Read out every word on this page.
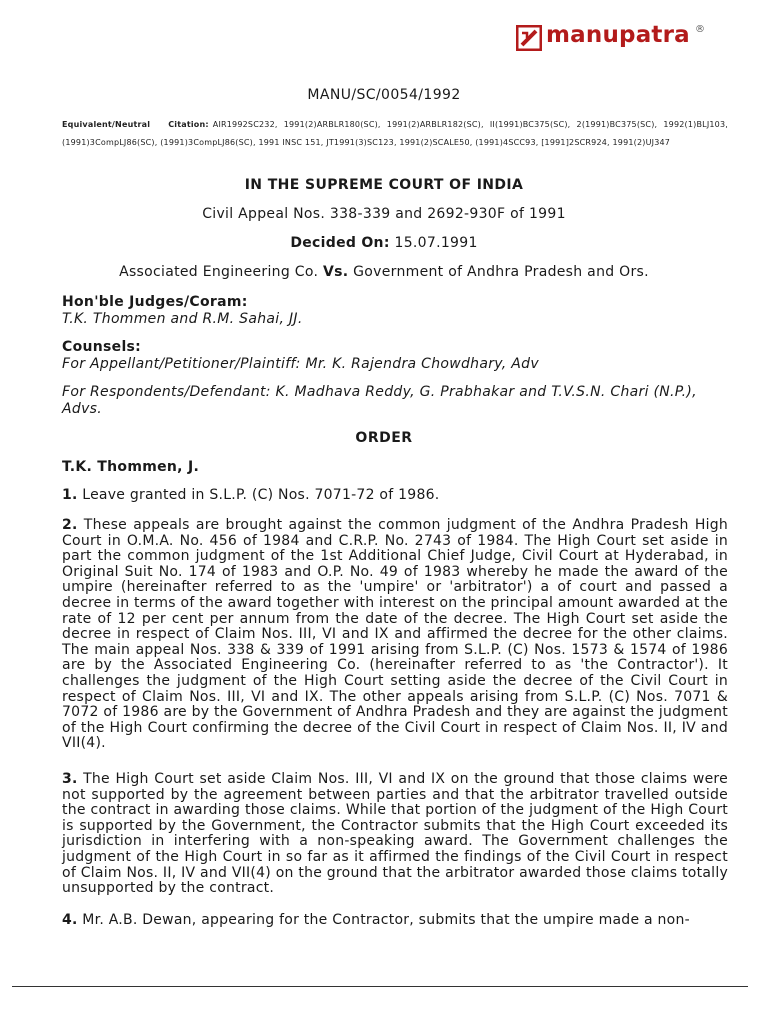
manupatra ®
MANU/SC/0054/1992
Equivalent/Neutral Citation: AIR1992SC232, 1991(2)ARBLR180(SC), 1991(2)ARBLR182(SC), II(1991)BC375(SC), 2(1991)BC375(SC), 1992(1)BLJ103, (1991)3CompLJ86(SC), (1991)3CompLJ86(SC), 1991 INSC 151, JT1991(3)SC123, 1991(2)SCALE50, (1991)4SCC93, [1991]2SCR924, 1991(2)UJ347
IN THE SUPREME COURT OF INDIA
Civil Appeal Nos. 338-339 and 2692-930F of 1991
Decided On: 15.07.1991
Associated Engineering Co. Vs. Government of Andhra Pradesh and Ors.
Hon'ble Judges/Coram:
T.K. Thommen and R.M. Sahai, JJ.
Counsels:
For Appellant/Petitioner/Plaintiff: Mr. K. Rajendra Chowdhary, Adv
For Respondents/Defendant: K. Madhava Reddy, G. Prabhakar and T.V.S.N. Chari (N.P.), Advs.
ORDER
T.K. Thommen, J.
1. Leave granted in S.L.P. (C) Nos. 7071-72 of 1986.
2. These appeals are brought against the common judgment of the Andhra Pradesh High Court in O.M.A. No. 456 of 1984 and C.R.P. No. 2743 of 1984. The High Court set aside in part the common judgment of the 1st Additional Chief Judge, Civil Court at Hyderabad, in Original Suit No. 174 of 1983 and O.P. No. 49 of 1983 whereby he made the award of the umpire (hereinafter referred to as the 'umpire' or 'arbitrator') a of court and passed a decree in terms of the award together with interest on the principal amount awarded at the rate of 12 per cent per annum from the date of the decree. The High Court set aside the decree in respect of Claim Nos. III, VI and IX and affirmed the decree for the other claims. The main appeal Nos. 338 & 339 of 1991 arising from S.L.P. (C) Nos. 1573 & 1574 of 1986 are by the Associated Engineering Co. (hereinafter referred to as 'the Contractor'). It challenges the judgment of the High Court setting aside the decree of the Civil Court in respect of Claim Nos. III, VI and IX. The other appeals arising from S.L.P. (C) Nos. 7071 & 7072 of 1986 are by the Government of Andhra Pradesh and they are against the judgment of the High Court confirming the decree of the Civil Court in respect of Claim Nos. II, IV and VII(4).
3. The High Court set aside Claim Nos. III, VI and IX on the ground that those claims were not supported by the agreement between parties and that the arbitrator travelled outside the contract in awarding those claims. While that portion of the judgment of the High Court is supported by the Government, the Contractor submits that the High Court exceeded its jurisdiction in interfering with a non-speaking award. The Government challenges the judgment of the High Court in so far as it affirmed the findings of the Civil Court in respect of Claim Nos. II, IV and VII(4) on the ground that the arbitrator awarded those claims totally unsupported by the contract.
4. Mr. A.B. Dewan, appearing for the Contractor, submits that the umpire made a non-
